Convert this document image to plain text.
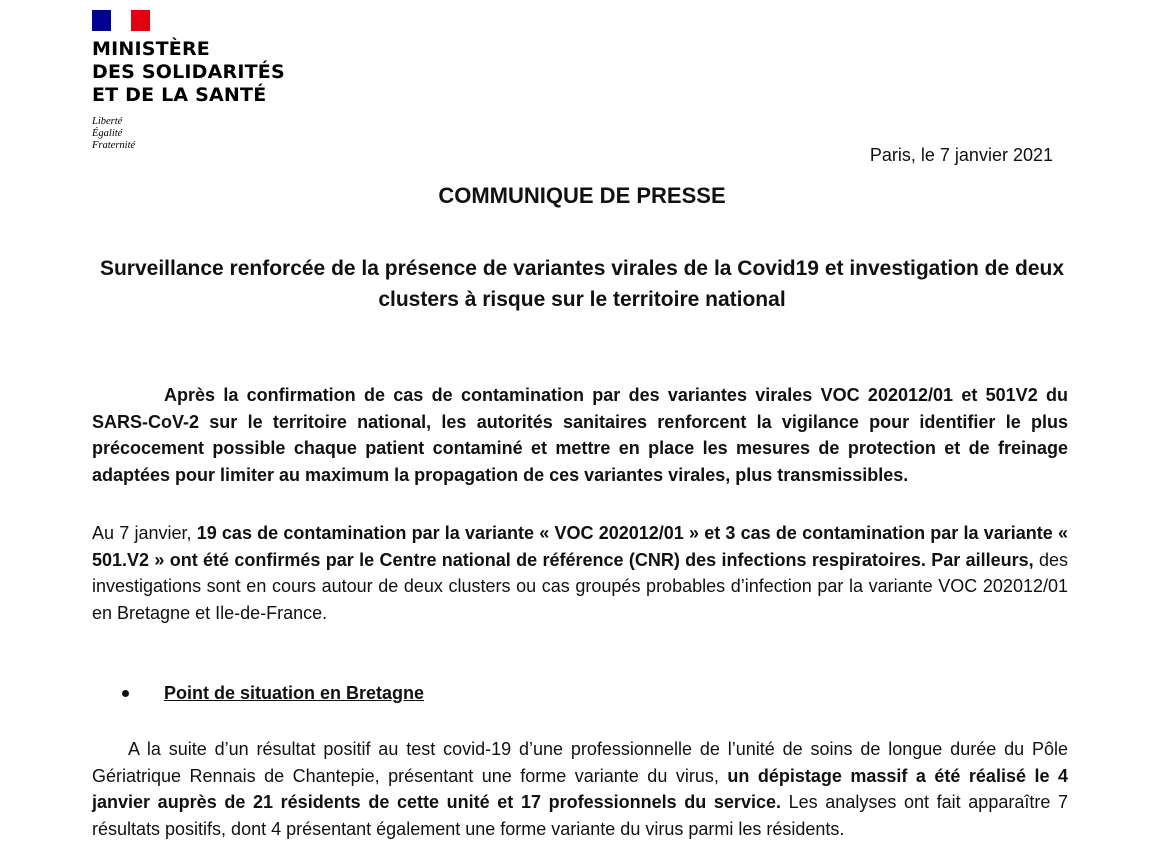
MINISTÈRE
DES SOLIDARITÉS
ET DE LA SANTÉ
Liberté
Égalité
Fraternité	Paris, le 7 janvier 2021
COMMUNIQUE DE PRESSE
Surveillance renforcée de la présence de variantes virales de la Covid19 et investigation de deux clusters à risque sur le territoire national
Après la confirmation de cas de contamination par des variantes virales VOC 202012/01 et 501V2 du SARS-CoV-2 sur le territoire national, les autorités sanitaires renforcent la vigilance pour identifier le plus précocement possible chaque patient contaminé et mettre en place les mesures de protection et de freinage adaptées pour limiter au maximum la propagation de ces variantes virales, plus transmissibles.
Au 7 janvier, 19 cas de contamination par la variante « VOC 202012/01 » et 3 cas de contamination par la variante « 501.V2 » ont été confirmés par le Centre national de référence (CNR) des infections respiratoires. Par ailleurs, des investigations sont en cours autour de deux clusters ou cas groupés probables d’infection par la variante VOC 202012/01 en Bretagne et Ile-de-France.
Point de situation en Bretagne
A la suite d’un résultat positif au test covid-19 d’une professionnelle de l’unité de soins de longue durée du Pôle Gériatrique Rennais de Chantepie, présentant une forme variante du virus, un dépistage massif a été réalisé le 4 janvier auprès de 21 résidents de cette unité et 17 professionnels du service. Les analyses ont fait apparaître 7 résultats positifs, dont 4 présentant également une forme variante du virus parmi les résidents.
